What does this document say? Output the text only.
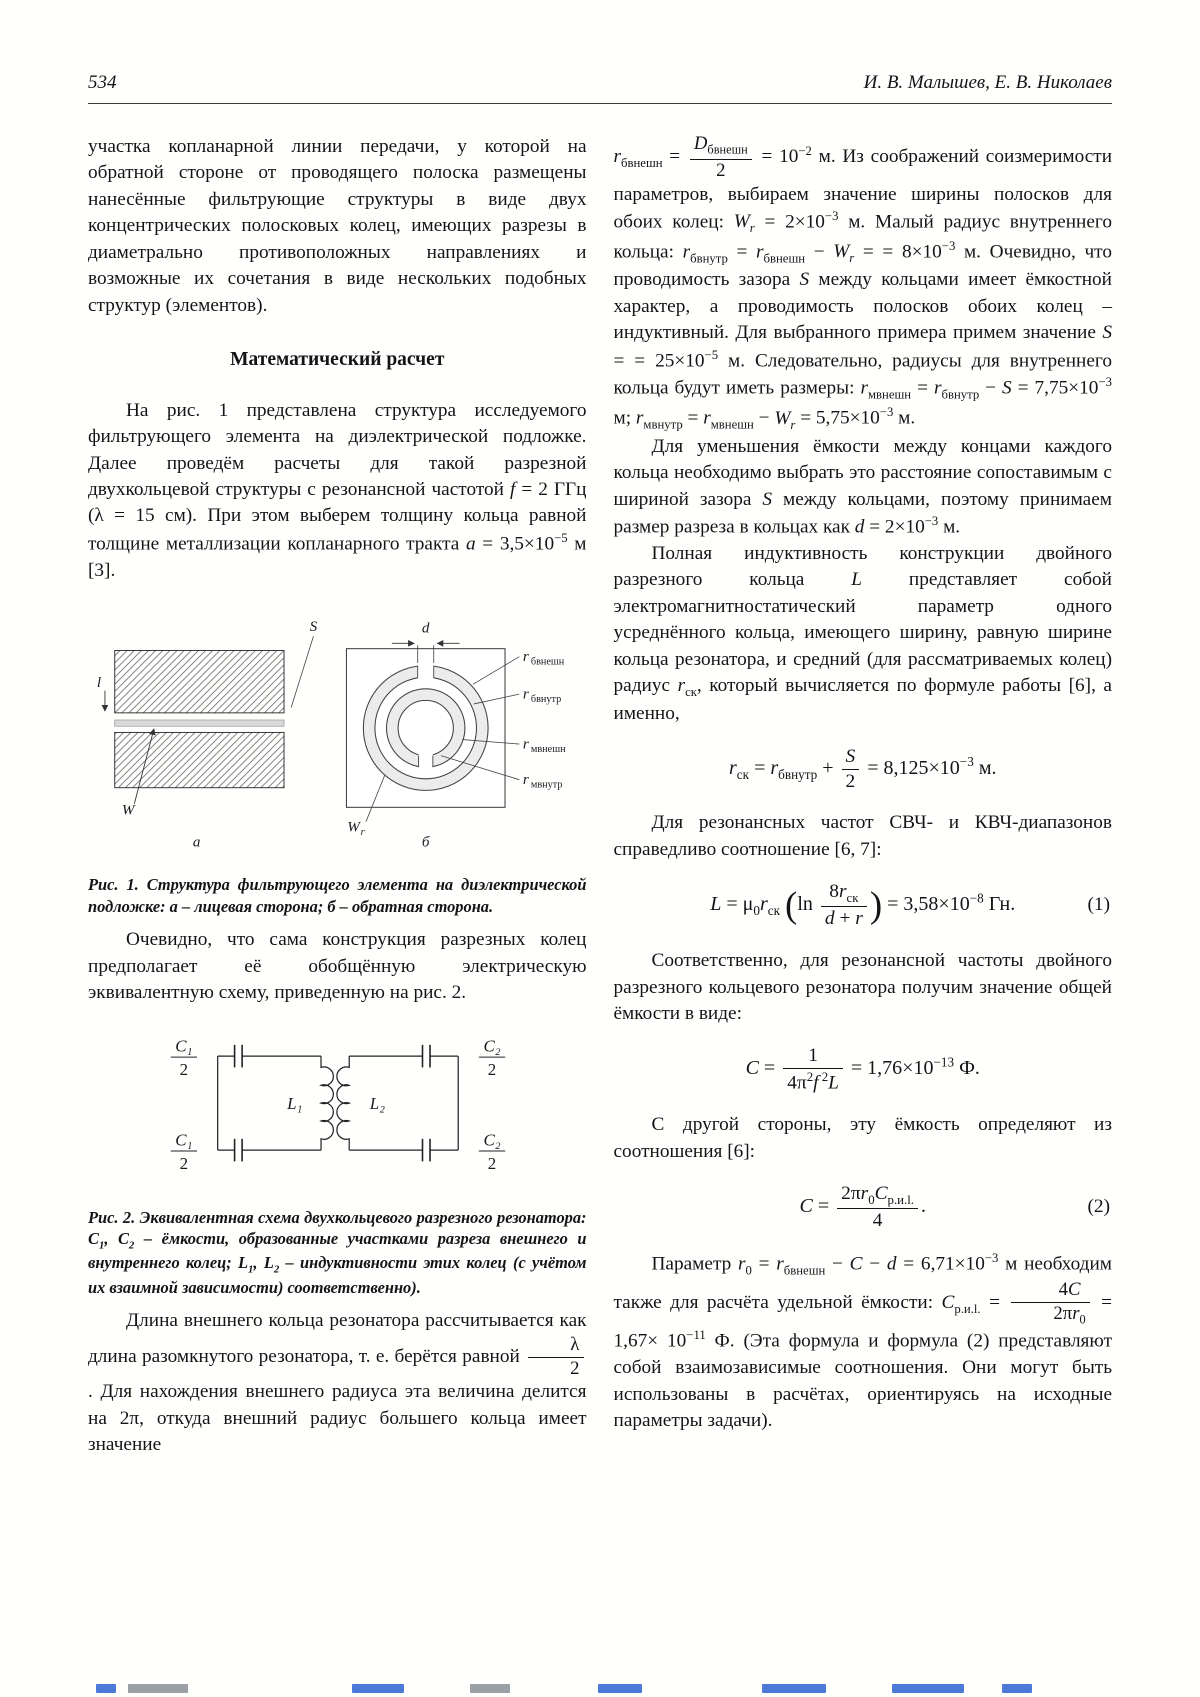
534	И. В. Малышев, Е. В. Николаев

участка копланарной линии передачи, у которой на обратной стороне от проводящего полоска размещены нанесённые фильтрующие структуры в виде двух концентрических полосковых колец, имеющих разрезы в диаметрально противоположных направлениях и возможные их сочетания в виде нескольких подобных структур (элементов).

Математический расчет

На рис. 1 представлена структура исследуемого фильтрующего элемента на диэлектрической подложке. Далее проведём расчеты для такой разрезной двухкольцевой структуры с резонансной частотой f = 2 ГГц (λ = 15 см). При этом выберем толщину кольца равной толщине металлизации копланарного тракта $a = 3,5\times 10^{-5}$ м [3].

l
W
S	d
r бвнешн
r бвнутр
r мвнешн
r мвнутр
W r
а	б
Рис. 1. Структура фильтрующего элемента на диэлектрической подложке: а – лицевая сторона; б – обратная сторона.

Очевидно, что сама конструкция разрезных колец предполагает её обобщённую электрическую эквивалентную схему, приведенную на рис. 2.

C₁
2
C₁
2
L₁	L₂
C₂
2
C₂
2
Рис. 2. Эквивалентная схема двухкольцевого разрезного резонатора: $C_1$, $C_2$ – ёмкости, образованные участками разреза внешнего и внутреннего колец; $L_1$, $L_2$ – индуктивности этих колец (с учётом их взаимной зависимости) соответственно).

Длина внешнего кольца резонатора рассчитывается как длина разомкнутого резонатора, т. е. берётся равной $\frac{\lambda}{2}$
. Для нахождения внешнего радиуса эта величина делится на 2π, откуда внешний радиус большего кольца имеет значение

$r_{бвнешн} = \frac{D_{бвнешн}}{2} = 10^{-2}$ м. Из соображений соизмеримости параметров, выбираем значение ширины полосков для обоих колец: $W_r = 2\times 10^{-3}$ м. Малый радиус внутреннего кольца: $r_{бвнутр} = r_{бвнешн} - W_r$ = = $8\times 10^{-3}$ м. Очевидно, что проводимость зазора S между кольцами имеет ёмкостной характер, а проводимость полосков обоих колец – индуктивный. Для выбранного примера примем значение S = = $25\times 10^{-5}$ м. Следовательно, радиусы для внутреннего кольца будут иметь размеры: $r_{мвнешн} = r_{бвнутр} - S = 7,75\times 10^{-3}$ м; $r_{мвнутр} = r_{мвнешн} - W_r = 5,75\times 10^{-3}$ м.

Для уменьшения ёмкости между концами каждого кольца необходимо выбрать это расстояние сопоставимым с шириной зазора S между кольцами, поэтому принимаем размер разреза в кольцах как $d = 2\times 10^{-3}$ м.

Полная индуктивность конструкции двойного разрезного кольца L представляет собой электромагнитностатический параметр одного усреднённого кольца, имеющего ширину, равную ширине кольца резонатора, и средний (для рассматриваемых колец) радиус $r_{ск}$, который вычисляется по формуле работы [6], а именно,

$r_{ск} = r_{бвнутр} + \frac{S}{2} = 8,125\times 10^{-3}$ м.

Для резонансных частот СВЧ- и КВЧ-диапазонов справедливо соотношение [6, 7]:

$L = \mu_0r_{ск}$ ($\ln \frac{8r_{ск}}{d + r}$ ) = $3,58\times 10^{-8}$ Гн.	(1)

Соответственно, для резонансной частоты двойного разрезного кольцевого резонатора получим значение общей ёмкости в виде:

$C = \frac{1}{4\pi^2f ^2L} = 1,76\times 10^{-13}$ Ф.

С другой стороны, эту ёмкость определяют из соотношения [6]:

$C = \frac{2\pi r_0C_{р.и.l.}}{4}$ .	(2)

Параметр $r_0 = r_{бвнешн} - C - d = 6,71\times 10^{-3}$ м необходим также для расчёта удельной ёмкости: $C_{р.и.l.} = \frac{4C}{2\pi r_0} = 1,67\times 10^{-11}$ Ф. (Эта формула и формула (2) представляют собой взаимозависимые соотношения. Они могут быть использованы в расчётах, ориентируясь на исходные параметры задачи).
